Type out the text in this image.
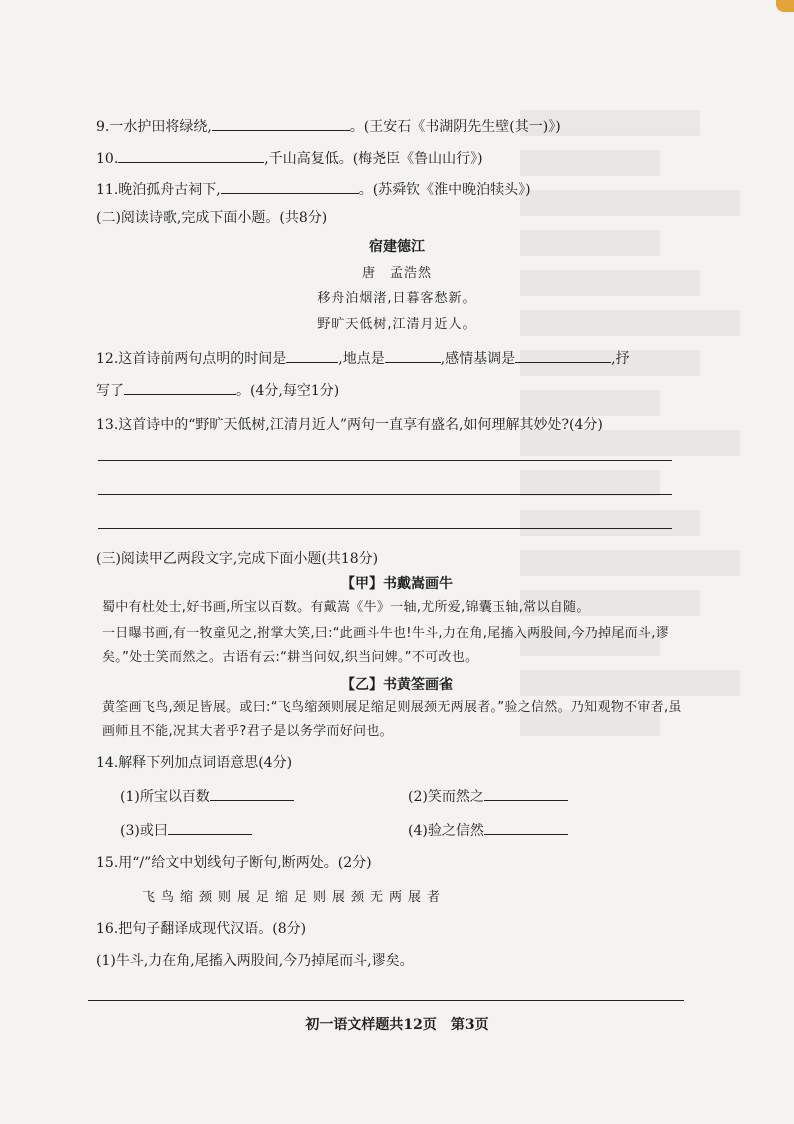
9.一水护田将绿绕,	。(王安石《书湖阴先生壁(其一)》)
10.	,千山高复低。(梅尧臣《鲁山山行》)
11.晚泊孤舟古祠下,	。(苏舜钦《淮中晚泊犊头》)
(二)阅读诗歌,完成下面小题。(共8分)
宿建德江
唐　孟浩然
移舟泊烟渚,日暮客愁新。
野旷天低树,江清月近人。
12.这首诗前两句点明的时间是	,地点是	,感情基调是	,抒
写了	。(4分,每空1分)
13.这首诗中的“野旷天低树,江清月近人”两句一直享有盛名,如何理解其妙处?(4分)
(三)阅读甲乙两段文字,完成下面小题(共18分)
【甲】书戴嵩画牛
蜀中有杜处士,好书画,所宝以百数。有戴嵩《牛》一轴,尤所爱,锦囊玉轴,常以自随。
一日曝书画,有一牧童见之,拊掌大笑,曰:“此画斗牛也!牛斗,力在角,尾搐入两股间,今乃掉尾而斗,谬矣。”处士笑而然之。古语有云:“耕当问奴,织当问婢。”不可改也。
【乙】书黄筌画雀
黄筌画飞鸟,颈足皆展。或曰:“飞鸟缩颈则展足缩足则展颈无两展者。”验之信然。乃知观物不审者,虽画师且不能,况其大者乎?君子是以务学而好问也。
14.解释下列加点词语意思(4分)
(1)所宝以百数	(2)笑而然之
(3)或曰	(4)验之信然
15.用“/”给文中划线句子断句,断两处。(2分)
飞鸟缩颈则展足缩足则展颈无两展者
16.把句子翻译成现代汉语。(8分)
(1)牛斗,力在角,尾搐入两股间,今乃掉尾而斗,谬矣。
初一语文样题共12页　第3页
